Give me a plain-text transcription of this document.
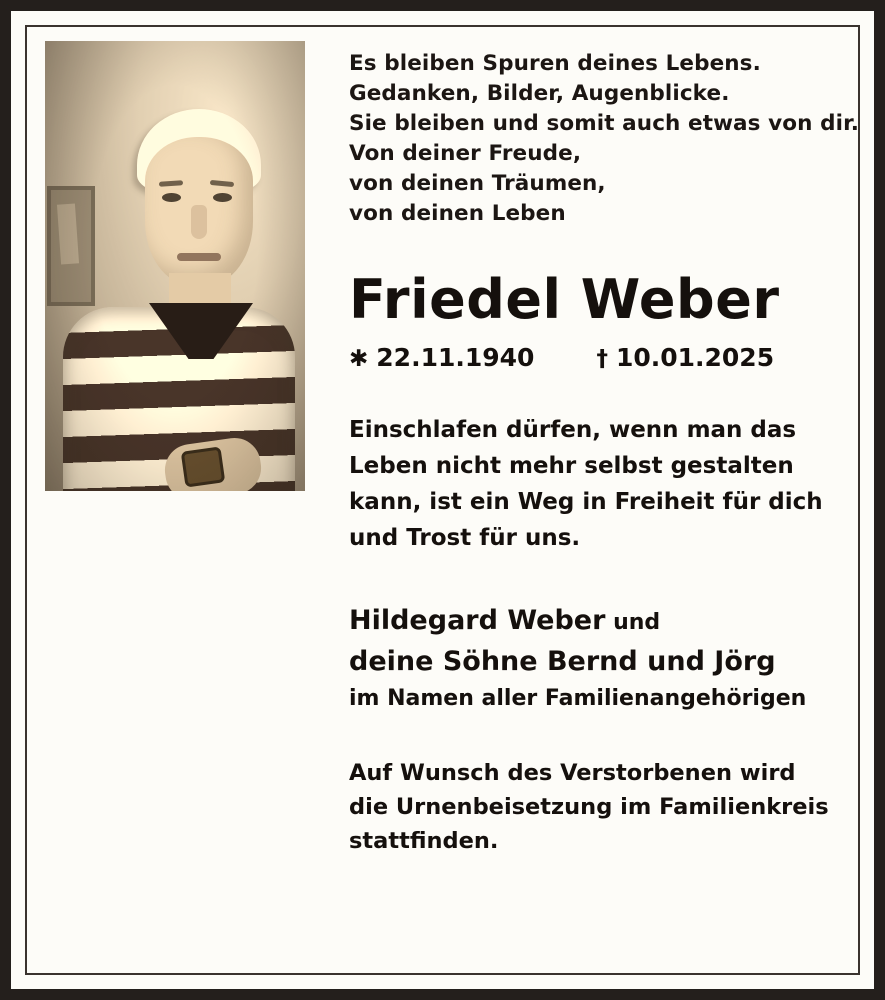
Es bleiben Spuren deines Lebens.
Gedanken, Bilder, Augenblicke.
Sie bleiben und somit auch etwas von dir.
Von deiner Freude,
von deinen Träumen,
von deinen Leben
Friedel Weber
✱ 22.11.1940	† 10.01.2025
Einschlafen dürfen, wenn man das
Leben nicht mehr selbst gestalten
kann, ist ein Weg in Freiheit für dich
und Trost für uns.
Hildegard Weber und
deine Söhne Bernd und Jörg
im Namen aller Familienangehörigen
Auf Wunsch des Verstorbenen wird
die Urnenbeisetzung im Familienkreis
stattfinden.
